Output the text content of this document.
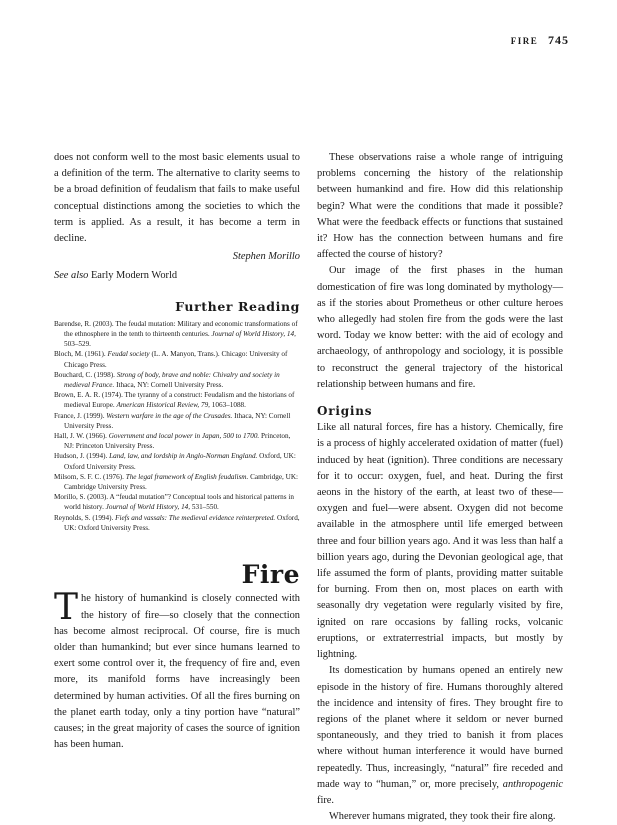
FIRE 745

does not conform well to the most basic elements usual to a definition of the term. The alternative to clarity seems to be a broad definition of feudalism that fails to make useful conceptual distinctions among the societies to which the term is applied. As a result, it has become a term in decline.

Stephen Morillo

See also Early Modern World

Further Reading

Barendse, R. (2003). The feudal mutation: Military and economic transformations of the ethnosphere in the tenth to thirteenth centuries. Journal of World History, 14, 503–529.

Bloch, M. (1961). Feudal society (L. A. Manyon, Trans.). Chicago: University of Chicago Press.

Bouchard, C. (1998). Strong of body, brave and noble: Chivalry and society in medieval France. Ithaca, NY: Cornell University Press.

Brown, E. A. R. (1974). The tyranny of a construct: Feudalism and the historians of medieval Europe. American Historical Review, 79, 1063–1088.

France, J. (1999). Western warfare in the age of the Crusades. Ithaca, NY: Cornell University Press.

Hall, J. W. (1966). Government and local power in Japan, 500 to 1700. Princeton, NJ: Princeton University Press.

Hudson, J. (1994). Land, law, and lordship in Anglo-Norman England. Oxford, UK: Oxford University Press.

Milsom, S. F. C. (1976). The legal framework of English feudalism. Cambridge, UK: Cambridge University Press.

Morillo, S. (2003). A “feudal mutation”? Conceptual tools and historical patterns in world history. Journal of World History, 14, 531–550.

Reynolds, S. (1994). Fiefs and vassals: The medieval evidence reinterpreted. Oxford, UK: Oxford University Press.

Fire

The history of humankind is closely connected with the history of fire—so closely that the connection has become almost reciprocal. Of course, fire is much older than humankind; but ever since humans learned to exert some control over it, the frequency of fire and, even more, its manifold forms have increasingly been determined by human activities. Of all the fires burning on the planet earth today, only a tiny portion have “natural” causes; in the great majority of cases the source of ignition has been human.

These observations raise a whole range of intriguing problems concerning the history of the relationship between humankind and fire. How did this relationship begin? What were the conditions that made it possible? What were the feedback effects or functions that sustained it? How has the connection between humans and fire affected the course of history?

Our image of the first phases in the human domestication of fire was long dominated by mythology—as if the stories about Prometheus or other culture heroes who allegedly had stolen fire from the gods were the last word. Today we know better: with the aid of ecology and archaeology, of anthropology and sociology, it is possible to reconstruct the general trajectory of the historical relationship between humans and fire.

Origins

Like all natural forces, fire has a history. Chemically, fire is a process of highly accelerated oxidation of matter (fuel) induced by heat (ignition). Three conditions are necessary for it to occur: oxygen, fuel, and heat. During the first aeons in the history of the earth, at least two of these—oxygen and fuel—were absent. Oxygen did not become available in the atmosphere until life emerged between three and four billion years ago. And it was less than half a billion years ago, during the Devonian geological age, that life assumed the form of plants, providing matter suitable for burning. From then on, most places on earth with seasonally dry vegetation were regularly visited by fire, ignited on rare occasions by falling rocks, volcanic eruptions, or extraterrestrial impacts, but mostly by lightning.

Its domestication by humans opened an entirely new episode in the history of fire. Humans thoroughly altered the incidence and intensity of fires. They brought fire to regions of the planet where it seldom or never burned spontaneously, and they tried to banish it from places where without human interference it would have burned repeatedly. Thus, increasingly, “natural” fire receded and made way to “human,” or, more precisely, anthropogenic fire.

Wherever humans migrated, they took their fire along.
